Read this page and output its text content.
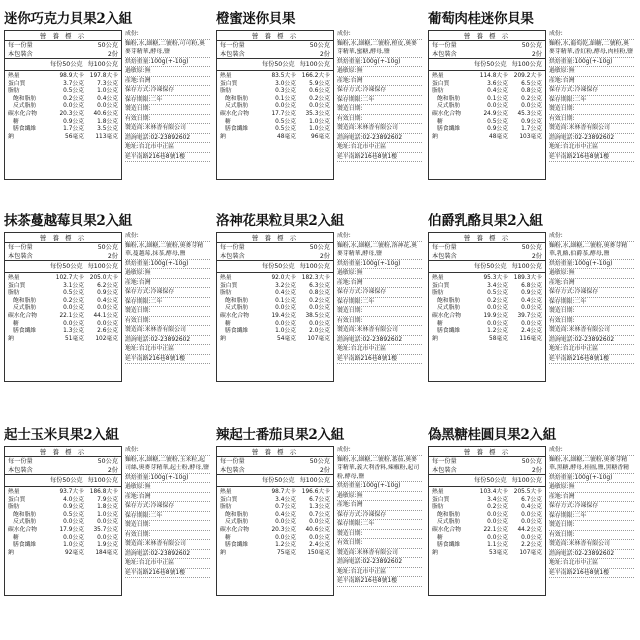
迷你巧克力貝果2入組
營 養 標 示
每一份量	50公克
本包裝含	2份
每份50公克 每100公克
熱量	98.9大卡 197.8大卡
蛋白質	3.7公克	7.3公克
脂肪	0.5公克	1.0公克
飽和脂肪	0.2公克	0.4公克
反式脂肪	0.0公克	0.0公克
碳水化合物	20.3公克	40.6公克
糖	0.9公克	1.8公克
膳食纖維	1.7公克	3.5公克
鈉	56毫克	113毫克
成份:
麵粉,水,細糖,二號粉,可可粉,奧麥芽精華,酵母,鹽
烘焙重量:100g(+-10g)
過敏原:無
產地:台灣
保存方式:冷凍保存
保存期限:二年
製造日期:
有效日期:
製造商:米林香有限公司
諮詢電話:02-23892602
地址:台北市中正區
延平南路216巷8號1樓
橙蜜迷你貝果
營 養 標 示
每一份量	50公克
本包裝含	2份
每份50公克 每100公克
熱量	83.5大卡 166.2大卡
蛋白質	3.0公克	5.9公克
脂肪	0.3公克	0.6公克
飽和脂肪	0.1公克	0.2公克
反式脂肪	0.0公克	0.0公克
碳水化合物	17.7公克	35.3公克
糖	0.5公克	1.0公克
膳食纖維	0.5公克	1.0公克
鈉	48毫克	96毫克
成份:
麵粉,水,細糖,二號粉,橙皮,奧麥芽精華,蜜糖,酵母,鹽
烘焙重量:100g(+-10g)
過敏原:無
產地:台灣
保存方式:冷凍保存
保存期限:二年
製造日期:
有效日期:
製造商:米林香有限公司
諮詢電話:02-23892602
地址:台北市中正區
延平南路216巷8號1樓
葡萄肉桂迷你貝果
營 養 標 示
每一份量	50公克
本包裝含	2份
每份50公克 每100公克
熱量	114.8大卡 209.2大卡
蛋白質	3.6公克	6.5公克
脂肪	0.4公克	0.8公克
飽和脂肪	0.1公克	0.2公克
反式脂肪	0.0公克	0.0公克
碳水化合物	24.9公克	45.3公克
糖	0.5公克	0.9公克
膳食纖維	0.9公克	1.7公克
鈉	48毫克	103毫克
成份:
麵粉,水,葡萄乾,細糖,二號粉,奧麥芽精華,香紅粉,酵母,肉桂粉,鹽
烘焙重量:100g(+-10g)
過敏原:無
產地:台灣
保存方式:冷凍保存
保存期限:二年
製造日期:
有效日期:
製造商:米林香有限公司
諮詢電話:02-23892602
地址:台北市中正區
延平南路216巷8號1樓
抹茶蔓越莓貝果2入組
營 養 標 示
每一份量	50公克
本包裝含	2份
每份50公克 每100公克
熱量	102.7大卡 205.0大卡
蛋白質	3.1公克	6.2公克
脂肪	0.5公克	0.9公克
飽和脂肪	0.2公克	0.4公克
反式脂肪	0.0公克	0.0公克
碳水化合物	22.1公克	44.1公克
糖	0.0公克	0.0公克
膳食纖維	1.3公克	2.6公克
鈉	51毫克	102毫克
成份:
麵粉,水,細糖,二號粉,奧麥芽精華,蔓越莓,抹茶,酵母,鹽
烘焙重量:100g(+-10g)
過敏原:無
產地:台灣
保存方式:冷凍保存
保存期限:二年
製造日期:
有效日期:
製造商:米林香有限公司
諮詢電話:02-23892602
地址:台北市中正區
延平南路216巷8號1樓
洛神花果粒貝果2入組
營 養 標 示
每一份量	50公克
本包裝含	2份
每份50公克 每100公克
熱量	92.0大卡 182.3大卡
蛋白質	3.2公克	6.3公克
脂肪	0.4公克	0.8公克
飽和脂肪	0.1公克	0.2公克
反式脂肪	0.0公克	0.0公克
碳水化合物	19.4公克	38.5公克
糖	0.0公克	0.0公克
膳食纖維	1.0公克	2.0公克
鈉	54毫克	107毫克
成份:
麵粉,水,細糖,二號粉,洛神花,奧麥芽精華,酵母,鹽
烘焙重量:100g(+-10g)
過敏原:無
產地:台灣
保存方式:冷凍保存
保存期限:二年
製造日期:
有效日期:
製造商:米林香有限公司
諮詢電話:02-23892602
地址:台北市中正區
延平南路216巷8號1樓
伯爵乳酪貝果2入組
營 養 標 示
每一份量	50公克
本包裝含	2份
每份50公克 每100公克
熱量	95.3大卡 189.3大卡
蛋白質	3.4公克	6.8公克
脂肪	0.5公克	0.9公克
飽和脂肪	0.2公克	0.4公克
反式脂肪	0.0公克	0.0公克
碳水化合物	19.9公克	39.7公克
糖	0.0公克	0.0公克
膳食纖維	1.2公克	2.4公克
鈉	58毫克	116毫克
成份:
麵粉,水,細糖,二號粉,奧麥芽精華,乳酪,伯爵茶,酵母,鹽
烘焙重量:100g(+-10g)
過敏原:無
產地:台灣
保存方式:冷凍保存
保存期限:二年
製造日期:
有效日期:
製造商:米林香有限公司
諮詢電話:02-23892602
地址:台北市中正區
延平南路216巷8號1樓
起士玉米貝果2入組
營 養 標 示
每一份量	50公克
本包裝含	2份
每份50公克 每100公克
熱量	93.7大卡 186.8大卡
蛋白質	4.0公克	7.9公克
脂肪	0.9公克	1.8公克
飽和脂肪	0.5公克	1.0公克
反式脂肪	0.0公克	0.0公克
碳水化合物	17.9公克	35.7公克
糖	0.0公克	0.0公克
膳食纖維	1.0公克	1.9公克
鈉	92毫克	184毫克
成份:
麵粉,水,細糖,二號粉,玉米粒,起司絲,奧麥芽精華,起士粉,酵母,鹽
烘焙重量:100g(+-10g)
過敏原:無
產地:台灣
保存方式:冷凍保存
保存期限:二年
製造日期:
有效日期:
製造商:米林香有限公司
諮詢電話:02-23892602
地址:台北市中正區
延平南路216巷8號1樓
辣起士番茄貝果2入組
營 養 標 示
每一份量	50公克
本包裝含	2份
每份50公克 每100公克
熱量	98.7大卡 196.6大卡
蛋白質	3.4公克	6.7公克
脂肪	0.7公克	1.3公克
飽和脂肪	0.4公克	0.7公克
反式脂肪	0.0公克	0.0公克
碳水化合物	20.3公克	40.6公克
糖	0.0公克	0.0公克
膳食纖維	1.2公克	2.4公克
鈉	75毫克	150毫克
成份:
麵粉,水,細糖,二號粉,番茄,奧麥芽精華,義大利香料,辣椒粉,起司粉,酵母,鹽
烘焙重量:100g(+-10g)
過敏原:無
產地:台灣
保存方式:冷凍保存
保存期限:二年
製造日期:
有效日期:
製造商:米林香有限公司
諮詢電話:02-23892602
地址:台北市中正區
延平南路216巷8號1樓
偽黑糖桂圓貝果2入組
營 養 標 示
每一份量	50公克
本包裝含	2份
每份50公克 每100公克
熱量	103.4大卡 205.5大卡
蛋白質	3.4公克	6.7公克
脂肪	0.2公克	0.4公克
飽和脂肪	0.0公克	0.0公克
反式脂肪	0.0公克	0.0公克
碳水化合物	22.1公克	44.2公克
糖	0.0公克	0.0公克
膳食纖維	1.1公克	2.2公克
鈉	53毫克	107毫克
成份:
麵粉,水,細糖,二號粉,奧麥芽精華,黑糖,酵母,桂圓,鹽,黑糖香精
烘焙重量:100g(+-10g)
過敏原:無
產地:台灣
保存方式:冷凍保存
保存期限:二年
製造日期:
有效日期:
製造商:米林香有限公司
諮詢電話:02-23892602
地址:台北市中正區
延平南路216巷8號1樓
